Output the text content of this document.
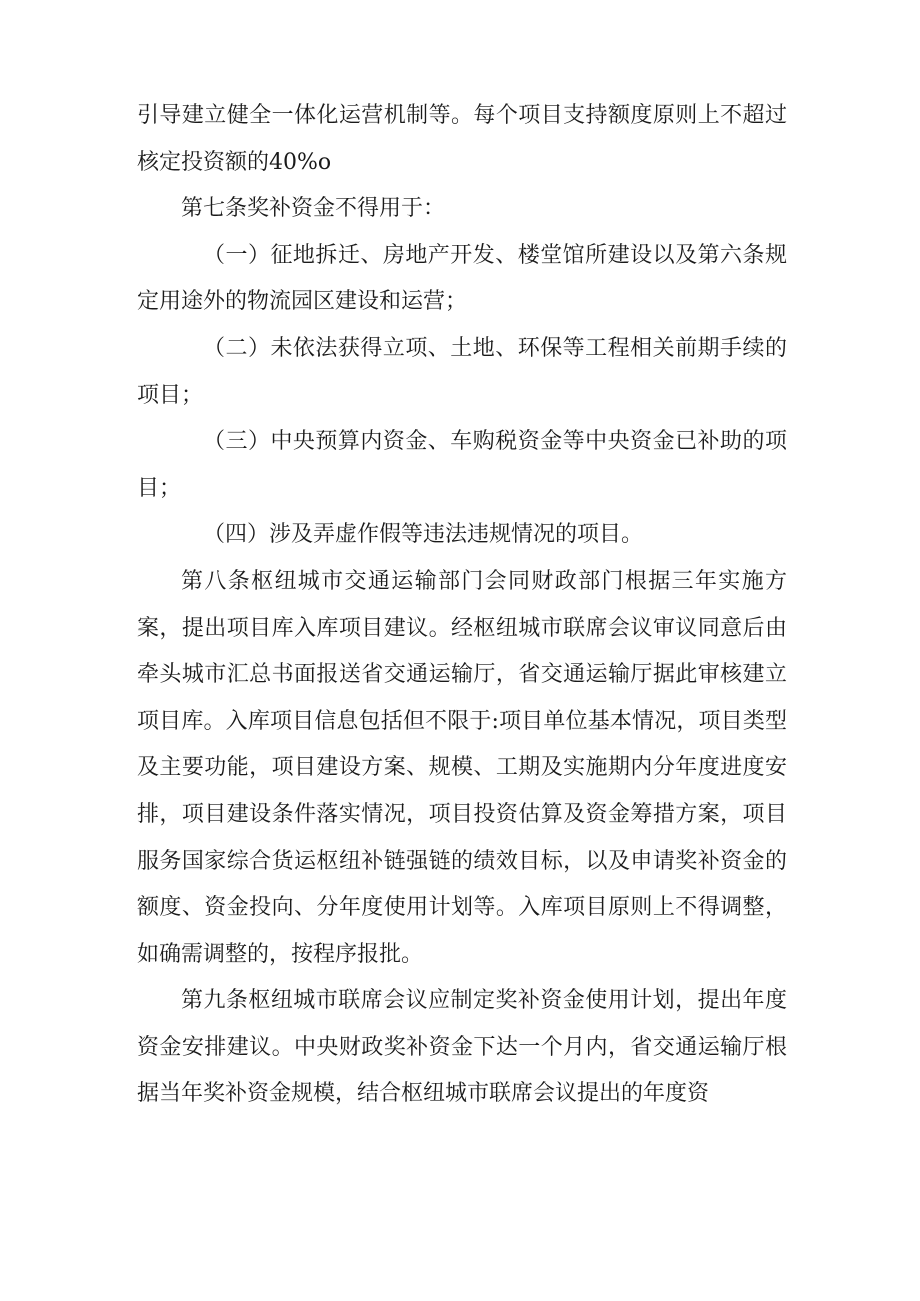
引导建立健全一体化运营机制等。每个项目支持额度原则上不超过核定投资额的40%o

第七条奖补资金不得用于：

（一）征地拆迁、房地产开发、楼堂馆所建设以及第六条规定用途外的物流园区建设和运营；

（二）未依法获得立项、土地、环保等工程相关前期手续的项目；

（三）中央预算内资金、车购税资金等中央资金已补助的项目；

（四）涉及弄虚作假等违法违规情况的项目。

第八条枢纽城市交通运输部门会同财政部门根据三年实施方案，提出项目库入库项目建议。经枢纽城市联席会议审议同意后由牵头城市汇总书面报送省交通运输厅，省交通运输厅据此审核建立项目库。入库项目信息包括但不限于:项目单位基本情况，项目类型及主要功能，项目建设方案、规模、工期及实施期内分年度进度安排，项目建设条件落实情况，项目投资估算及资金筹措方案，项目服务国家综合货运枢纽补链强链的绩效目标，以及申请奖补资金的额度、资金投向、分年度使用计划等。入库项目原则上不得调整，如确需调整的，按程序报批。

第九条枢纽城市联席会议应制定奖补资金使用计划，提出年度资金安排建议。中央财政奖补资金下达一个月内，省交通运输厅根据当年奖补资金规模，结合枢纽城市联席会议提出的年度资
